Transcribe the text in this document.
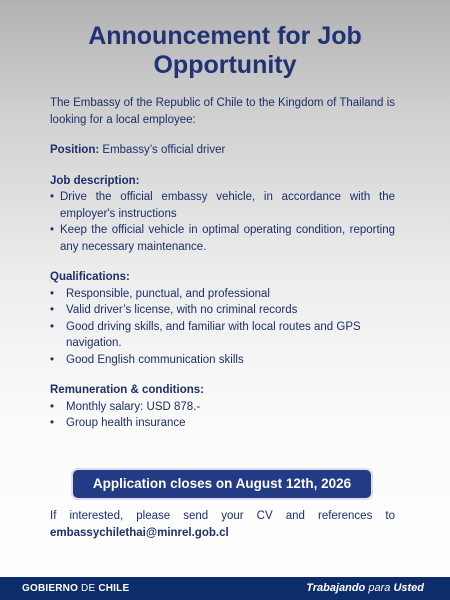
Announcement for Job
Opportunity

The Embassy of the Republic of Chile to the Kingdom of Thailand is looking for a local employee:

Position: Embassy’s official driver
Job description:
• Drive the official embassy vehicle, in accordance with the employer's instructions
• Keep the official vehicle in optimal operating condition, reporting any necessary maintenance.
Qualifications:
• Responsible, punctual, and professional
• Valid driver’s license, with no criminal records
• Good driving skills, and familiar with local routes and GPS navigation.
• Good English communication skills
Remuneration & conditions:
• Monthly salary: USD 878.-
• Group health insurance
Application closes on August 12th, 2026
If interested, please send your CV and references to embassychilethai@minrel.gob.cl
GOBIERNO DE CHILE	Trabajando para Usted
